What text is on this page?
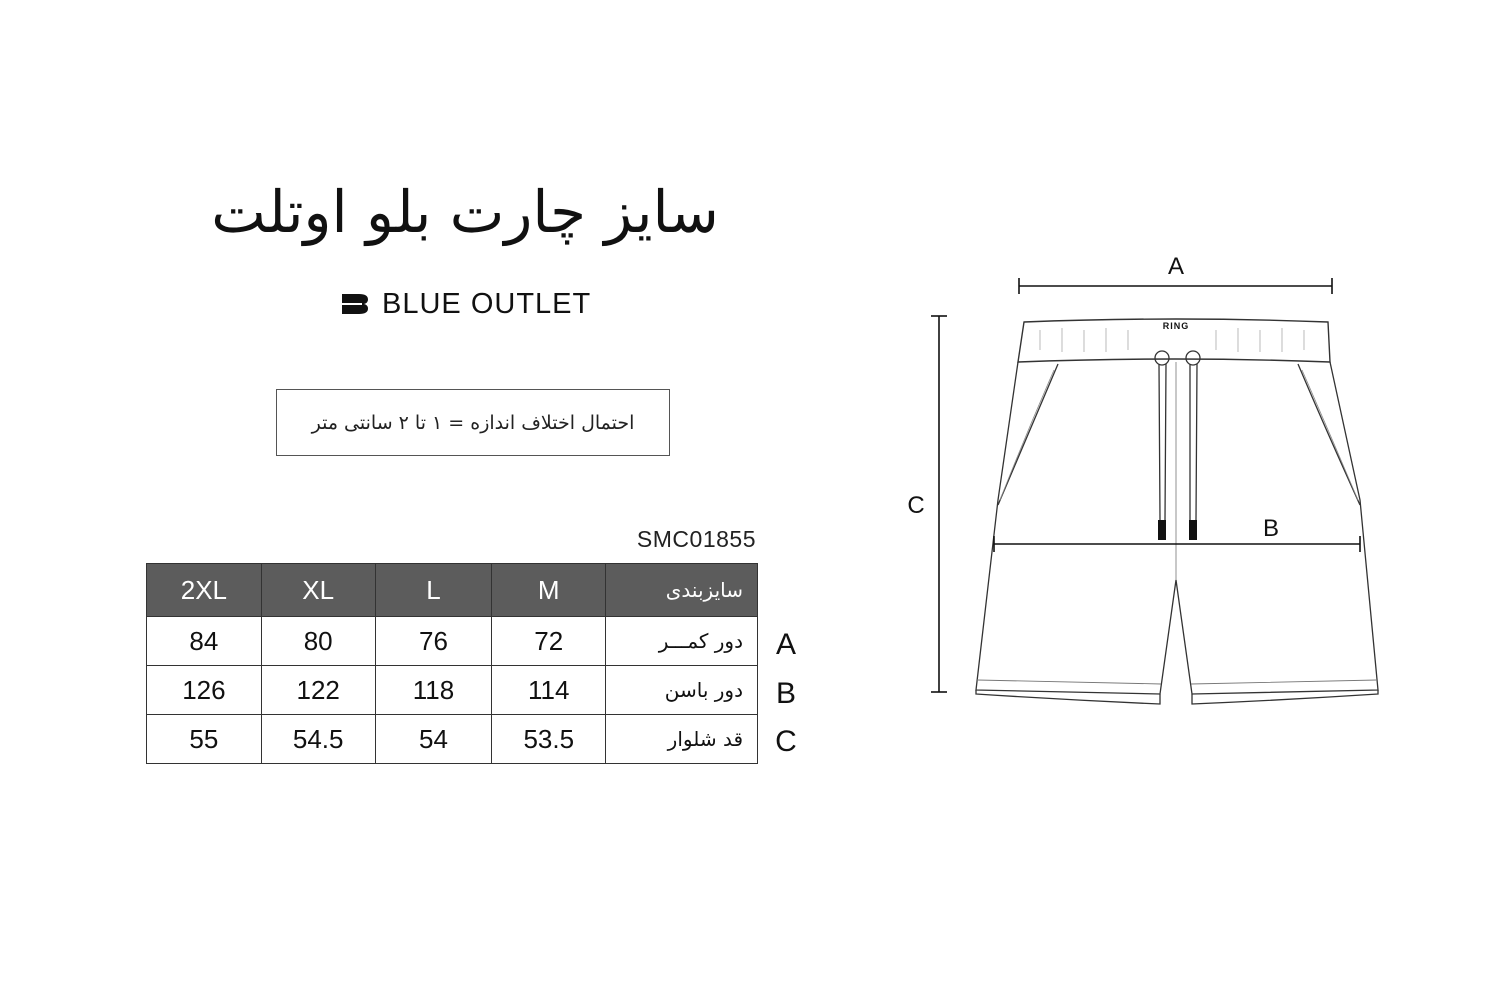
سایز چارت بلو اوتلت
BLUE OUTLET
احتمال اختلاف اندازه = ۱ تا ۲ سانتی متر
SMC01855
2XL	XL	L	M	سایزبندی
84	80	76	72	دور کمـــر
126	122	118	114	دور باسن
55	54.5	54	53.5	قد شلوار
A
B
C
A
C
RING
B
